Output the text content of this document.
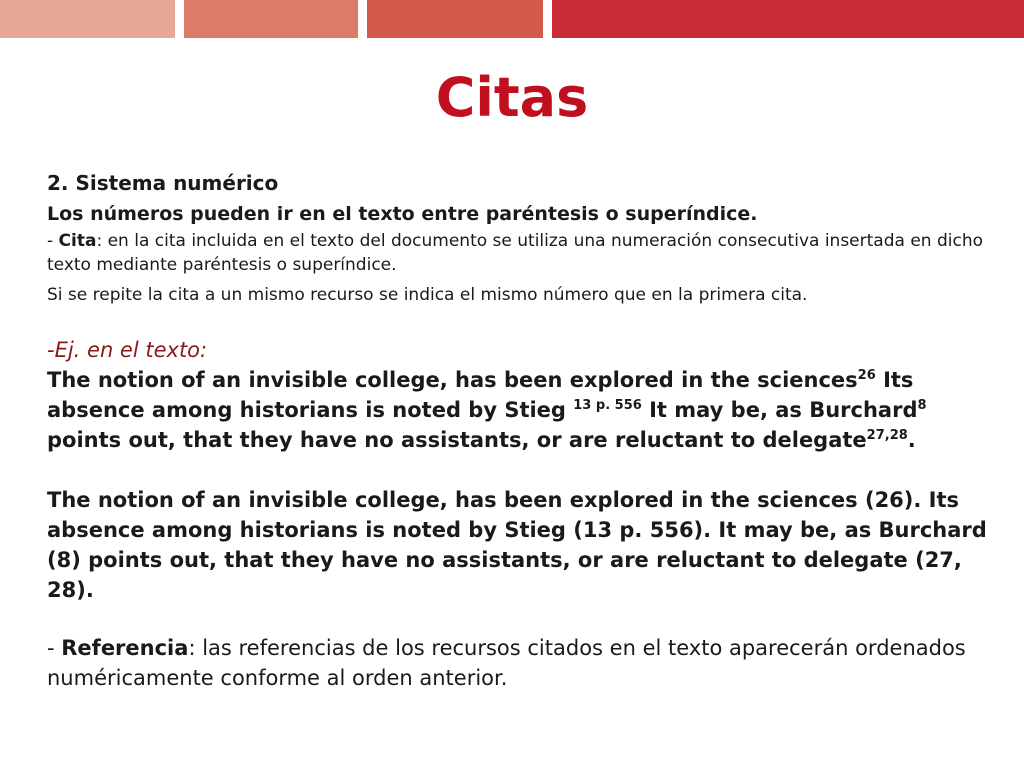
Citas

2. Sistema numérico

Los números pueden ir en el texto entre paréntesis o superíndice.

- Cita: en la cita incluida en el texto del documento se utiliza una numeración consecutiva insertada en dicho texto mediante paréntesis o superíndice.

Si se repite la cita a un mismo recurso se indica el mismo número que en la primera cita.

-Ej. en el texto:

The notion of an invisible college, has been explored in the sciences$^{26}$ Its absence among historians is noted by Stieg $^{13 p. 556}$ It may be, as Burchard$^8$ points out, that they have no assistants, or are reluctant to delegate$^{27,28}$.

The notion of an invisible college, has been explored in the sciences (26). Its absence among historians is noted by Stieg (13 p. 556). It may be, as Burchard (8) points out, that they have no assistants, or are reluctant to delegate (27, 28).

- Referencia: las referencias de los recursos citados en el texto aparecerán ordenados numéricamente conforme al orden anterior.
